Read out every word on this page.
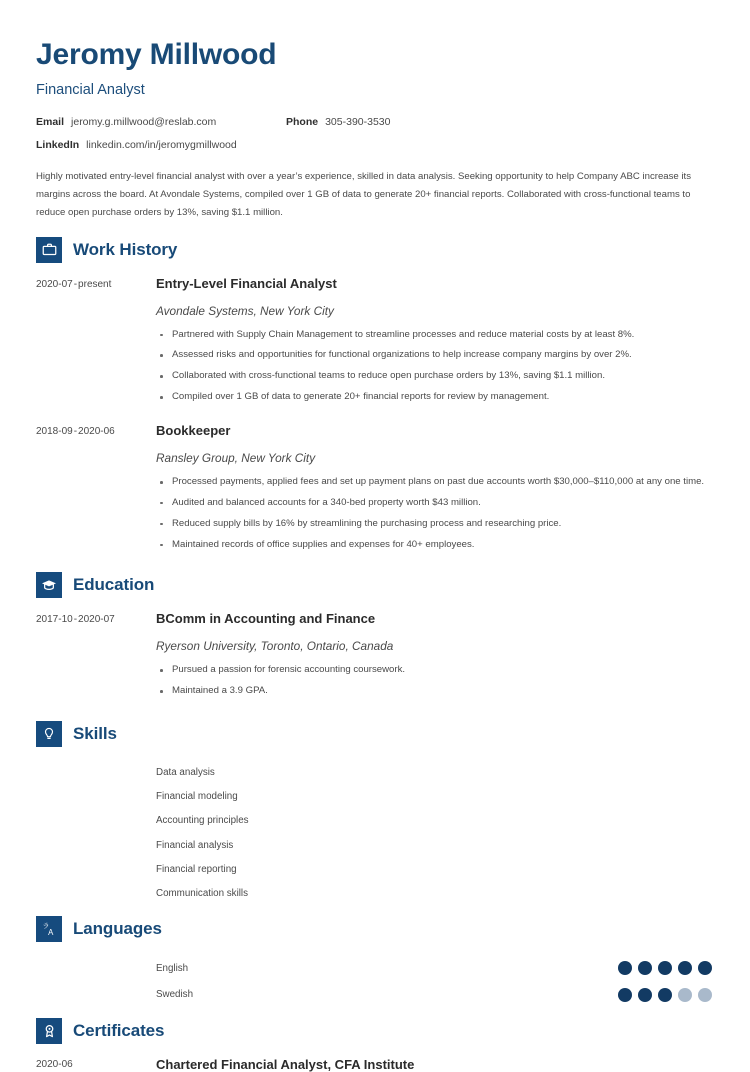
Jeromy Millwood
Financial Analyst
Email jeromy.g.millwood@reslab.com	Phone 305-390-3530
LinkedIn linkedin.com/in/jeromygmillwood
Highly motivated entry-level financial analyst with over a year’s experience, skilled in data analysis. Seeking opportunity to help Company ABC increase its margins across the board. At Avondale Systems, compiled over 1 GB of data to generate 20+ financial reports. Collaborated with cross-functional teams to reduce open purchase orders by 13%, saving $1.1 million.
Work History
2020-07-present	Entry-Level Financial Analyst
Avondale Systems, New York City
Partnered with Supply Chain Management to streamline processes and reduce material costs by at least 8%.
Assessed risks and opportunities for functional organizations to help increase company margins by over 2%.
Collaborated with cross-functional teams to reduce open purchase orders by 13%, saving $1.1 million.
Compiled over 1 GB of data to generate 20+ financial reports for review by management.
2018-09-2020-06	Bookkeeper
Ransley Group, New York City
Processed payments, applied fees and set up payment plans on past due accounts worth $30,000–$110,000 at any one time.
Audited and balanced accounts for a 340-bed property worth $43 million.
Reduced supply bills by 16% by streamlining the purchasing process and researching price.
Maintained records of office supplies and expenses for 40+ employees.
Education
2017-10-2020-07	BComm in Accounting and Finance
Ryerson University, Toronto, Ontario, Canada
Pursued a passion for forensic accounting coursework.
Maintained a 3.9 GPA.
Skills
Data analysis
Financial modeling
Accounting principles
Financial analysis
Financial reporting
Communication skills
ラ
A Languages
English
Swedish
Certificates
2020-06	Chartered Financial Analyst, CFA Institute
